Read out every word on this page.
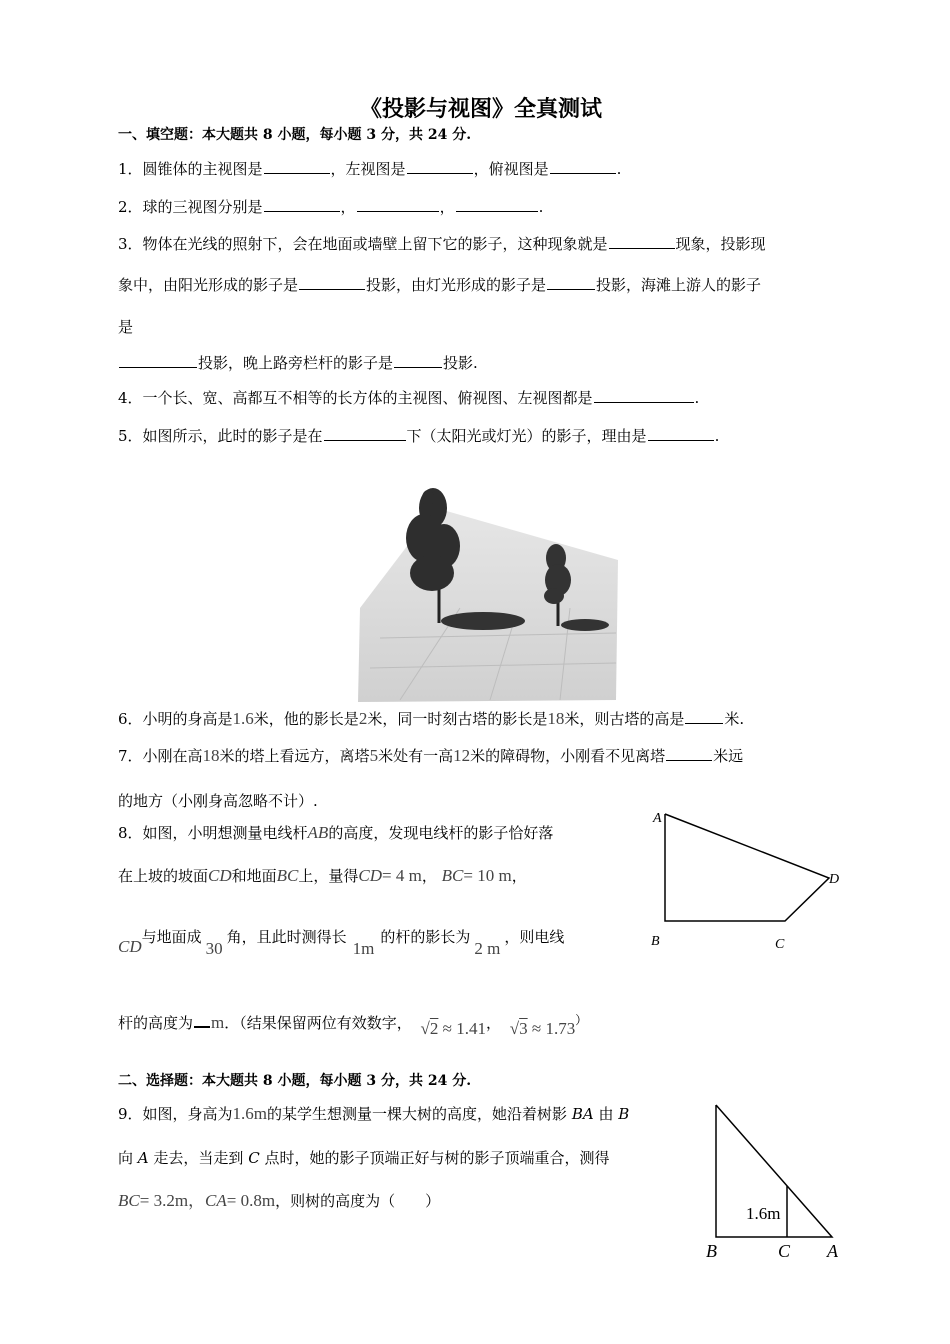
《投影与视图》全真测试
一、填空题：本大题共 8 小题，每小题 3 分，共 24 分.
1．圆锥体的主视图是	，左视图是	，俯视图是	.
2．球的三视图分别是	，	，	.
3．物体在光线的照射下，会在地面或墙壁上留下它的影子，这种现象就是	现象，投影现
象中，由阳光形成的影子是	投影，由灯光形成的影子是	投影，海滩上游人的影子
是
投影，晚上路旁栏杆的影子是	投影.
4．一个长、宽、高都互不相等的长方体的主视图、俯视图、左视图都是	.
5．如图所示，此时的影子是在	下（太阳光或灯光）的影子，理由是	.
6．小明的身高是1.6米，他的影长是2米，同一时刻古塔的影长是18米，则古塔的高是	米.
7．小刚在高18米的塔上看远方，离塔5米处有一高12米的障碍物，小刚看不见离塔	米远
的地方（小刚身高忽略不计）.
8．如图，小明想测量电线杆AB的高度，发现电线杆的影子恰好落
在上坡的坡面CD和地面BC上，量得CD= 4 m， BC= 10 m，
CD与地面成30角，且此时测得长1m的杆的影长为2 m，则电线
杆的高度为 m．（结果保留两位有效数字， √2 ≈ 1.41， √3 ≈ 1.73）
A
D
B	C
二、选择题：本大题共 8 小题，每小题 3 分，共 24 分.
9．如图，身高为1.6m的某学生想测量一棵大树的高度，她沿着树影 BA 由 B
向 A 走去，当走到 C 点时，她的影子顶端正好与树的影子顶端重合，测得
BC= 3.2m，CA= 0.8m，则树的高度为（　　）
1.6m
B	C A
